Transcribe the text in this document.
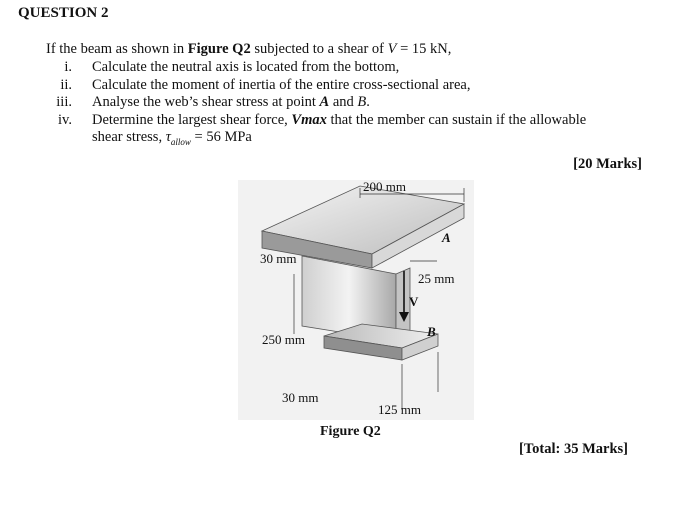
QUESTION 2
If the beam as shown in Figure Q2 subjected to a shear of V = 15 kN,
i. Calculate the neutral axis is located from the bottom,
ii. Calculate the moment of inertia of the entire cross-sectional area,
iii. Analyse the web’s shear stress at point A and B.
iv. Determine the largest shear force, Vmax that the member can sustain if the allowable
shear stress, $\tau_{allow} = 56$ MPa
[20 Marks]
200 mm
30 mm
A
25 mm
V
B
250 mm
30 mm
125 mm
Figure Q2
[Total: 35 Marks]
